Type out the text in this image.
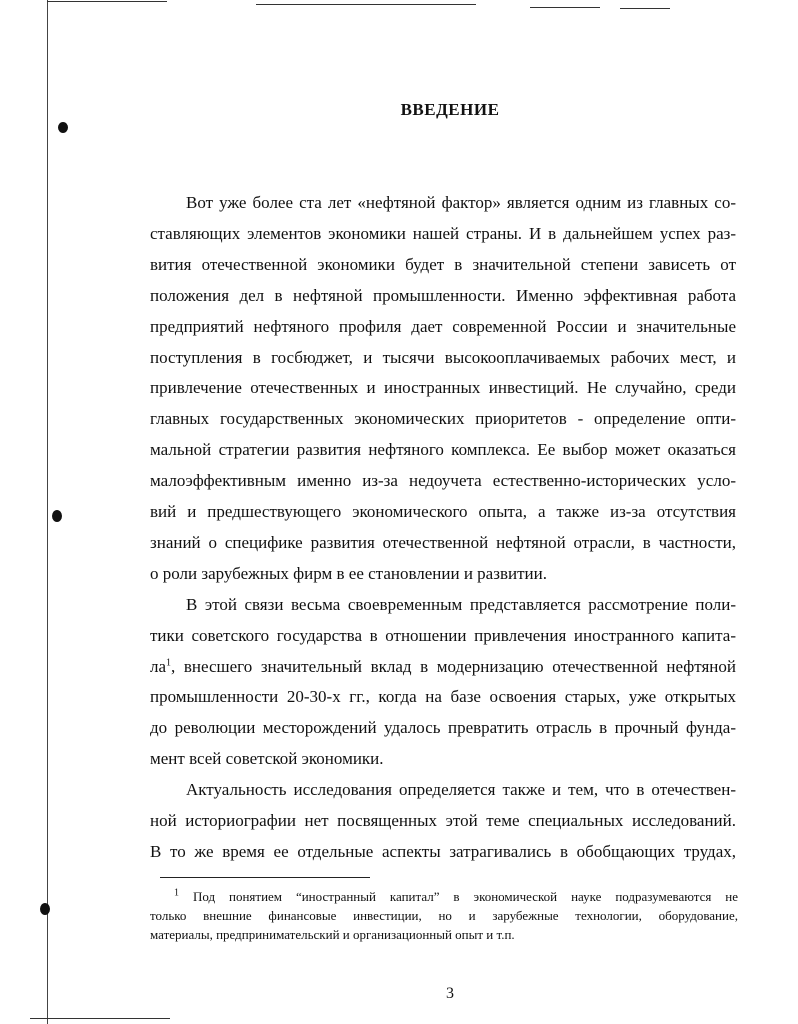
ВВЕДЕНИЕ
Вот уже более ста лет «нефтяной фактор» является одним из главных со-
ставляющих элементов экономики нашей страны. И в дальнейшем успех раз-
вития отечественной экономики будет в значительной степени зависеть от
положения дел в нефтяной промышленности. Именно эффективная работа
предприятий нефтяного профиля дает современной России и значительные
поступления в госбюджет, и тысячи высокооплачиваемых рабочих мест, и
привлечение отечественных и иностранных инвестиций. Не случайно, среди
главных государственных экономических приоритетов - определение опти-
мальной стратегии развития нефтяного комплекса. Ее выбор может оказаться
малоэффективным именно из-за недоучета естественно-исторических усло-
вий и предшествующего экономического опыта, а также из-за отсутствия
знаний о специфике развития отечественной нефтяной отрасли, в частности,
о роли зарубежных фирм в ее становлении и развитии.
В этой связи весьма своевременным представляется рассмотрение поли-
тики советского государства в отношении привлечения иностранного капита-
$ла^1$, внесшего значительный вклад в модернизацию отечественной нефтяной
промышленности 20-30-х гг., когда на базе освоения старых, уже открытых
до революции месторождений удалось превратить отрасль в прочный фунда-
мент всей советской экономики.
Актуальность исследования определяется также и тем, что в отечествен-
ной историографии нет посвященных этой теме специальных исследований.
В то же время ее отдельные аспекты затрагивались в обобщающих трудах,
$^1$ Под понятием “иностранный капитал” в экономической науке подразумеваются не
только внешние финансовые инвестиции, но и зарубежные технологии, оборудование,
материалы, предпринимательский и организационный опыт и т.п.
3
